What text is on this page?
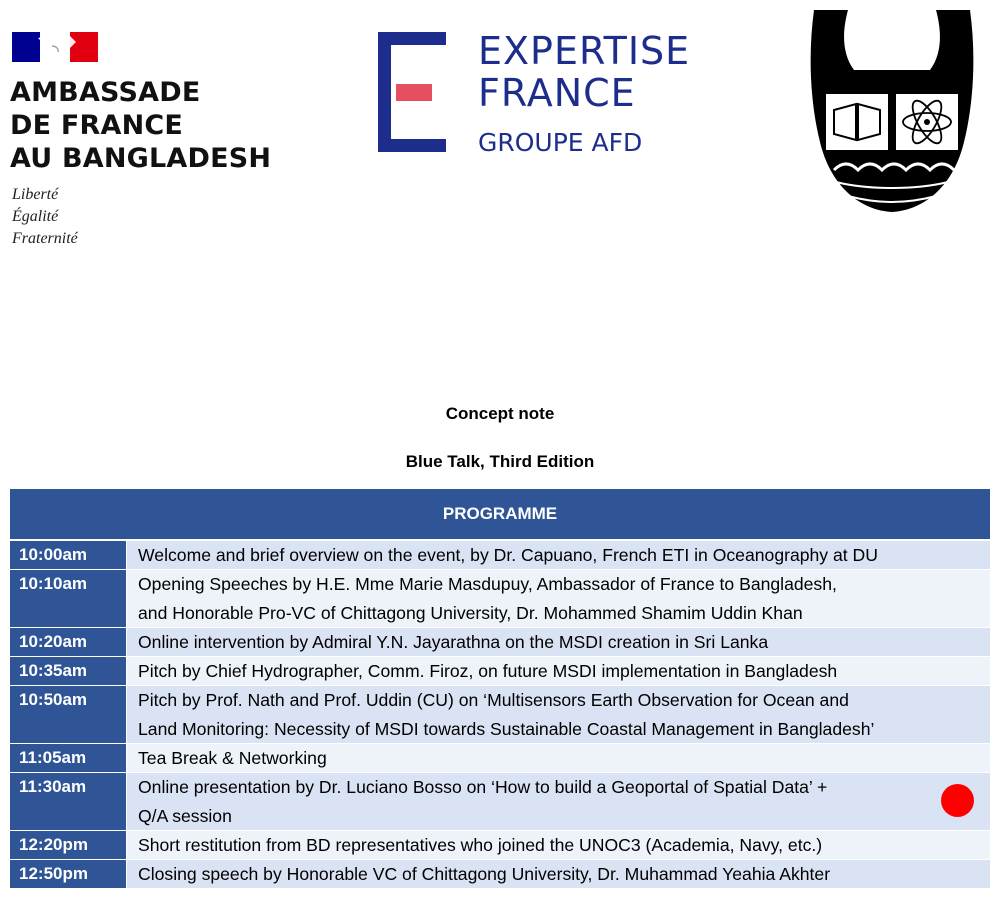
AMBASSADE
DE FRANCE
AU BANGLADESH
Liberté
Égalité
Fraternité
EXPERTISE
FRANCE
GROUPE AFD
Concept note
Blue Talk, Third Edition
PROGRAMME
10:00am	Welcome and brief overview on the event, by Dr. Capuano, French ETI in Oceanography at DU
10:10am	Opening Speeches by H.E. Mme Marie Masdupuy, Ambassador of France to Bangladesh,
and Honorable Pro-VC of Chittagong University, Dr. Mohammed Shamim Uddin Khan
10:20am	Online intervention by Admiral Y.N. Jayarathna on the MSDI creation in Sri Lanka
10:35am	Pitch by Chief Hydrographer, Comm. Firoz, on future MSDI implementation in Bangladesh
10:50am	Pitch by Prof. Nath and Prof. Uddin (CU) on ‘Multisensors Earth Observation for Ocean and
Land Monitoring: Necessity of MSDI towards Sustainable Coastal Management in Bangladesh’
11:05am	Tea Break & Networking
11:30am	Online presentation by Dr. Luciano Bosso on ‘How to build a Geoportal of Spatial Data’ +
Q/A session
12:20pm	Short restitution from BD representatives who joined the UNOC3 (Academia, Navy, etc.)
12:50pm	Closing speech by Honorable VC of Chittagong University, Dr. Muhammad Yeahia Akhter
